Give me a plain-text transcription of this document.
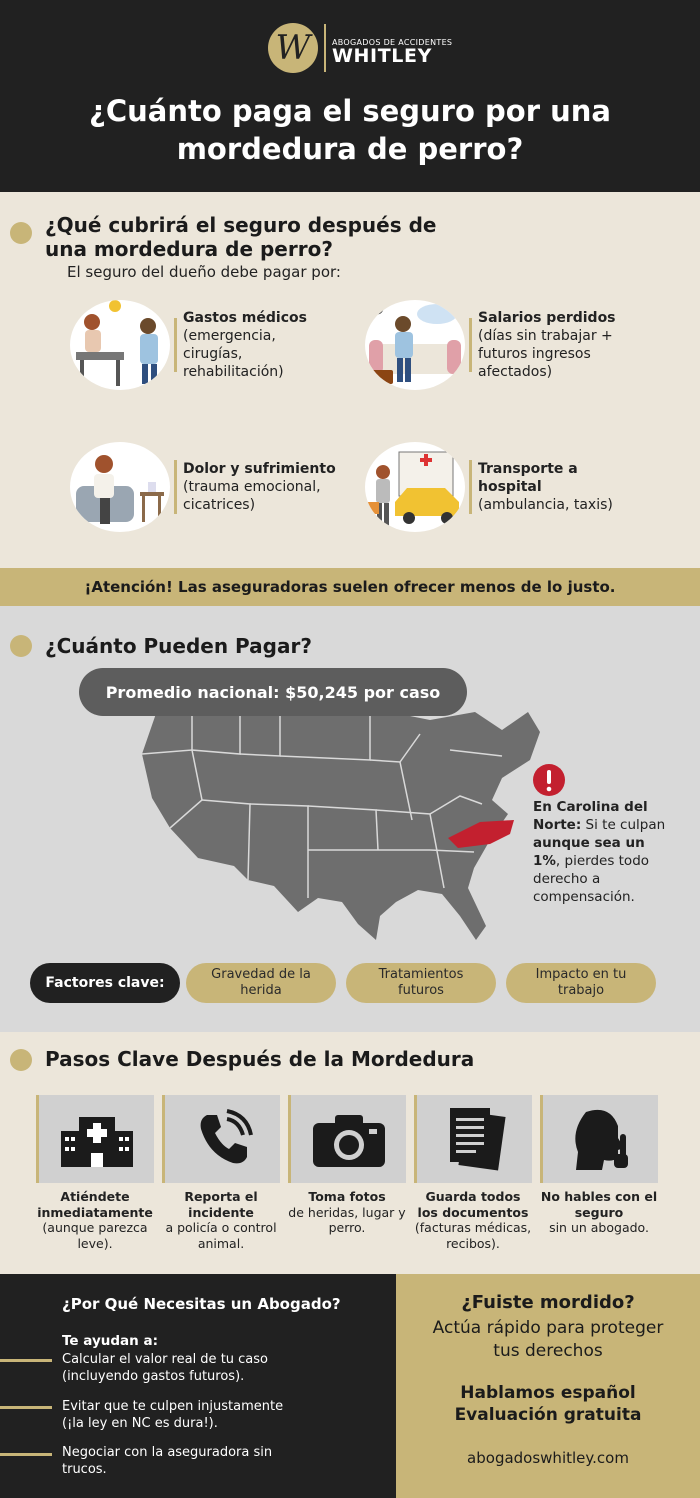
W	ABOGADOS DE ACCIDENTES
WHITLEY
¿Cuánto paga el seguro por una mordedura de perro?
¿Qué cubrirá el seguro después de una mordedura de perro?
El seguro del dueño debe pagar por:
Gastos médicos
(emergencia, cirugías, rehabilitación)
Salarios perdidos
(días sin trabajar + futuros ingresos afectados)
Dolor y sufrimiento
(trauma emocional, cicatrices)
Transporte a hospital
(ambulancia, taxis)
¡Atención! Las aseguradoras suelen ofrecer menos de lo justo.
¿Cuánto Pueden Pagar?
Promedio nacional: $50,245 por caso
En Carolina del Norte: Si te culpan aunque sea un 1%, pierdes todo derecho a compensación.
Factores clave:
Gravedad de la herida
Tratamientos futuros
Impacto en tu trabajo
Pasos Clave Después de la Mordedura
Atiéndete inmediatamente
(aunque parezca leve).
Reporta el incidente
a policía o control animal.
Toma fotos
de heridas, lugar y perro.
Guarda todos los documentos
(facturas médicas, recibos).
No hables con el seguro
sin un abogado.
¿Por Qué Necesitas un Abogado?
Te ayudan a:
Calcular el valor real de tu caso (incluyendo gastos futuros).
Evitar que te culpen injustamente (¡la ley en NC es dura!).
Negociar con la aseguradora sin trucos.
¿Fuiste mordido?
Actúa rápido para proteger tus derechos
Hablamos español
Evaluación gratuita
abogadoswhitley.com
